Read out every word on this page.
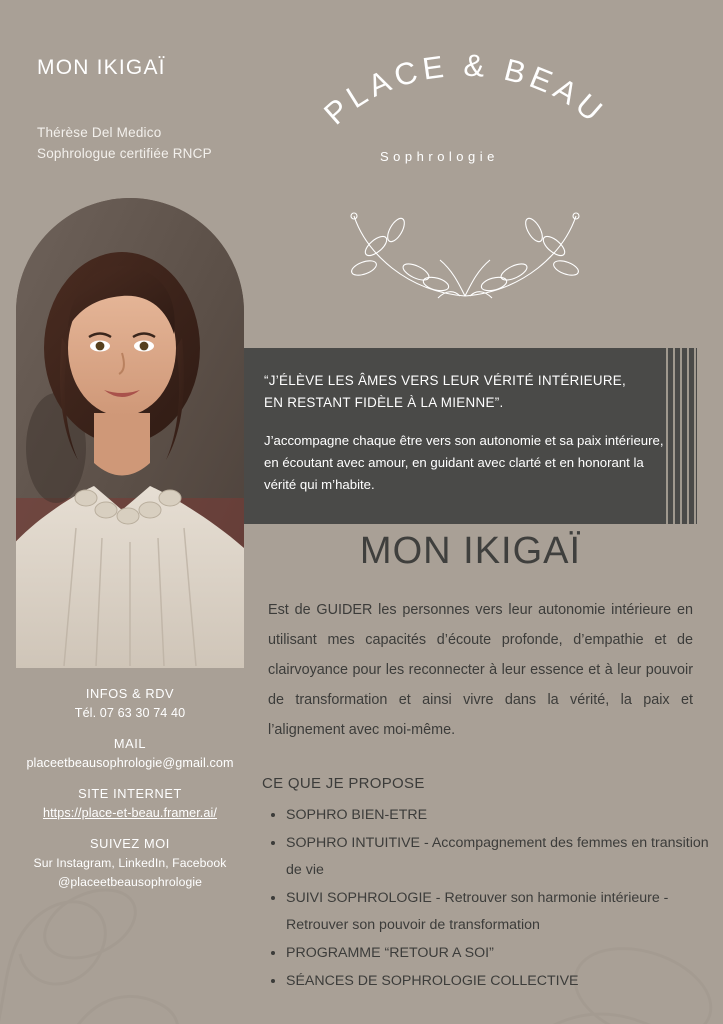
MON IKIGAÏ
Thérèse Del Medico
Sophrologue certifiée RNCP
PLACE & BEAU
Sophrologie
“J’ÉLÈVE LES ÂMES VERS LEUR VÉRITÉ INTÉRIEURE,
EN RESTANT FIDÈLE À LA MIENNE”.
J’accompagne chaque être vers son autonomie et sa paix intérieure, en écoutant avec amour, en guidant avec clarté et en honorant la vérité qui m’habite.
MON IKIGAÏ
Est de GUIDER les personnes vers leur autonomie intérieure en utilisant mes capacités d’écoute profonde, d’empathie et de clairvoyance pour les reconnecter à leur essence et à leur pouvoir de transformation et ainsi vivre dans la vérité, la paix et l’alignement avec moi-même.
CE QUE JE PROPOSE
• SOPHRO BIEN-ETRE
• SOPHRO INTUITIVE - Accompagnement des femmes en transition de vie
• SUIVI SOPHROLOGIE - Retrouver son harmonie intérieure - Retrouver son pouvoir de transformation
• PROGRAMME “RETOUR A SOI”
• SÉANCES DE SOPHROLOGIE COLLECTIVE
INFOS & RDV
Tél. 07 63 30 74 40
MAIL
placeetbeausophrologie@gmail.com
SITE INTERNET
https://place-et-beau.framer.ai/
SUIVEZ MOI
Sur Instagram, LinkedIn, Facebook
@placeetbeausophrologie
